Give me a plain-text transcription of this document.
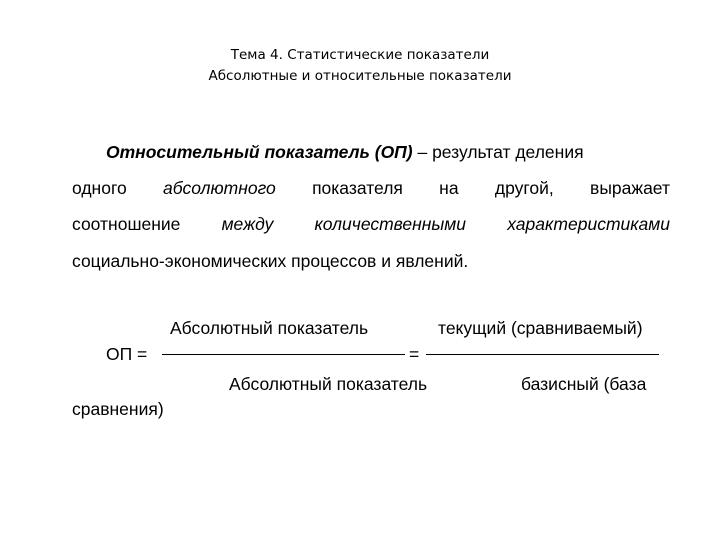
Тема 4. Статистические показатели
Абсолютные и относительные показатели
Относительный показатель (ОП) – результат деления
одного абсолютного показателя на другой, выражает
соотношение между количественными характеристиками
социально-экономических процессов и явлений.
Абсолютный показатель	текущий (сравниваемый)
ОП =	=
Абсолютный показатель	базисный (база
сравнения)
